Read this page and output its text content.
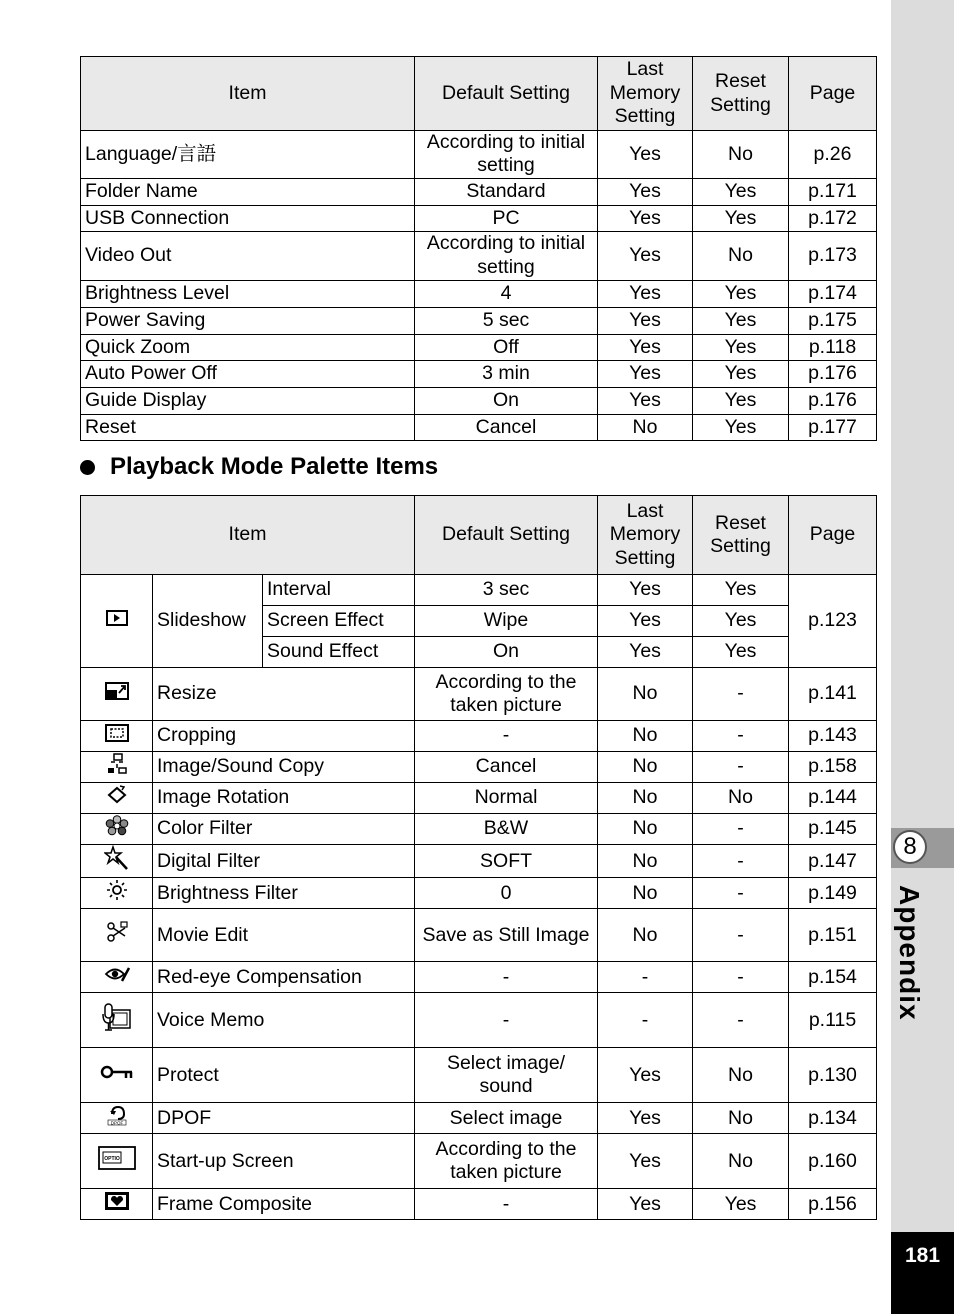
Item	Default Setting	Last Memory Setting	Reset Setting	Page
Language/言語	According to initial setting	Yes	No	p.26
Folder Name	Standard	Yes	Yes	p.171
USB Connection	PC	Yes	Yes	p.172
Video Out	According to initial setting	Yes	No	p.173
Brightness Level	4	Yes	Yes	p.174
Power Saving	5 sec	Yes	Yes	p.175
Quick Zoom	Off	Yes	Yes	p.118
Auto Power Off	3 min	Yes	Yes	p.176
Guide Display	On	Yes	Yes	p.176
Reset	Cancel	No	Yes	p.177
Playback Mode Palette Items
Item			Default Setting	Last Memory Setting	Reset Setting	Page
	Slideshow	Interval	3 sec	Yes	Yes	p.123
		Screen Effect	Wipe	Yes	Yes	
		Sound Effect	On	Yes	Yes	
	Resize		According to the taken picture	No	-	p.141
	Cropping		-	No	-	p.143
	Image/Sound Copy		Cancel	No	-	p.158
	Image Rotation		Normal	No	No	p.144
	Color Filter		B&W	No	-	p.145
	Digital Filter		SOFT	No	-	p.147
	Brightness Filter		0	No	-	p.149
	Movie Edit		Save as Still Image	No	-	p.151
	Red-eye Compensation		-	-	-	p.154
	Voice Memo		-	-	-	p.115
	Protect		Select image/ sound	Yes	No	p.130

DPOF	DPOF		Select image	Yes	No	p.134

OPTIO	Start-up Screen		According to the taken picture	Yes	No	p.160
	Frame Composite		-	Yes	Yes	p.156
8
Appendix
181
